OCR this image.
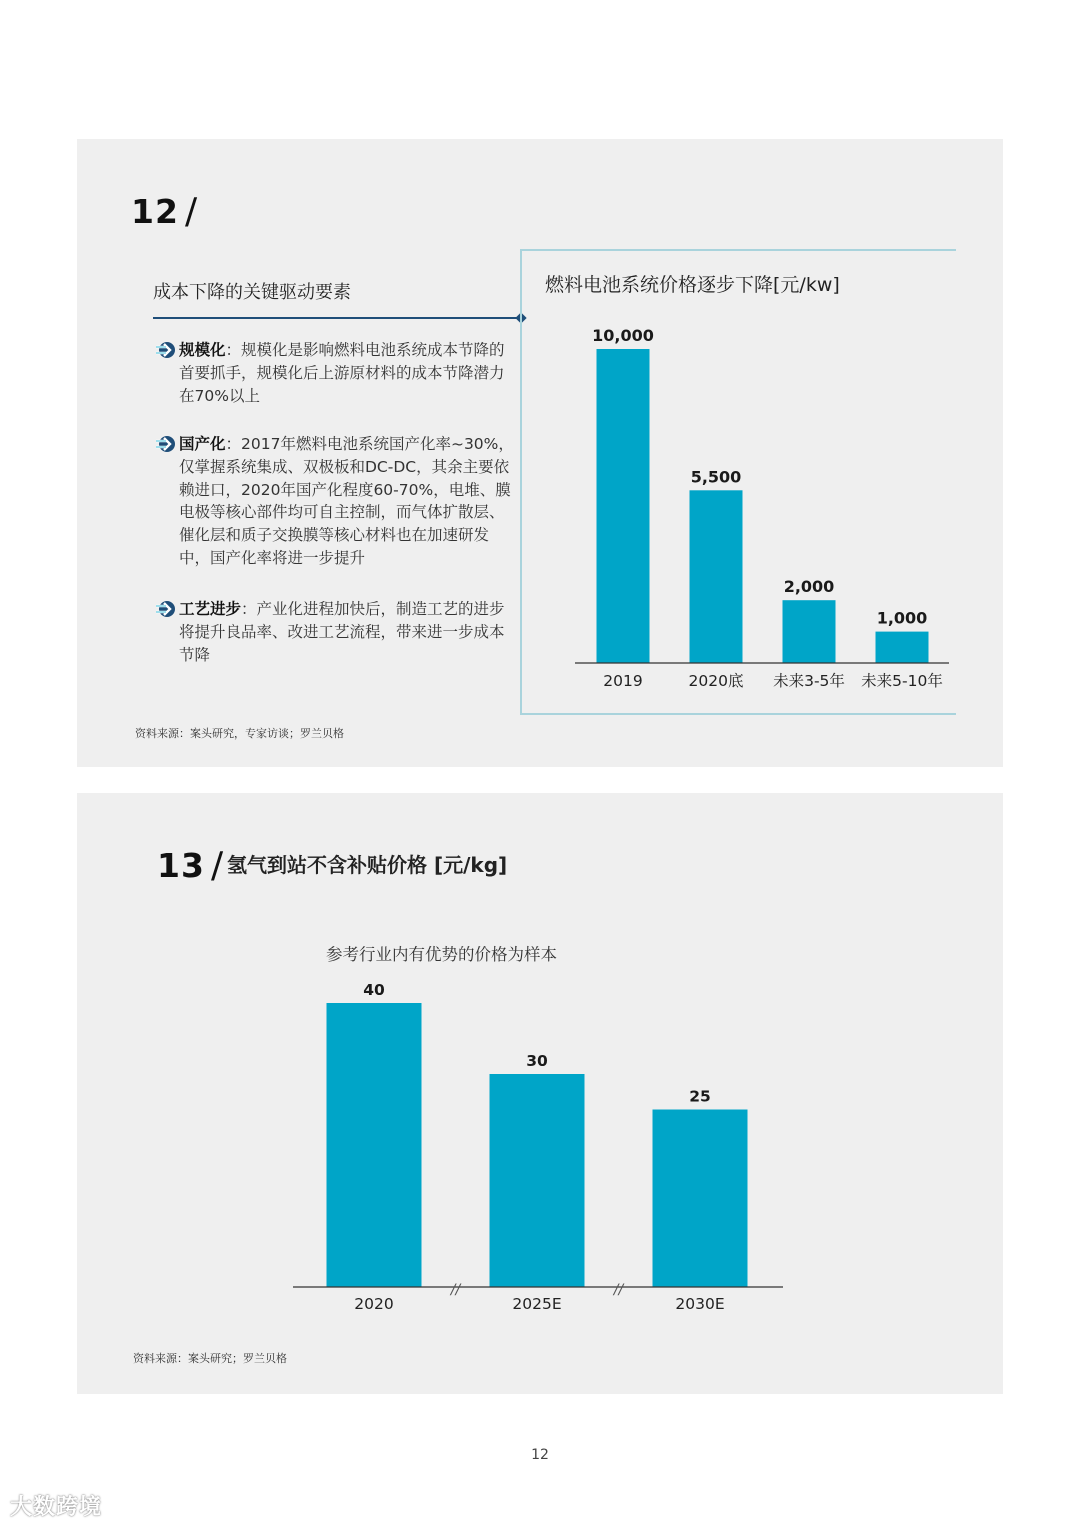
12 /
成本下降的关键驱动要素
规模化：规模化是影响燃料电池系统成本节降的首要抓手，规模化后上游原材料的成本节降潜力在70%以上
国产化：2017年燃料电池系统国产化率~30%，仅掌握系统集成、双极板和DC-DC，其余主要依赖进口，2020年国产化程度60-70%，电堆、膜电极等核心部件均可自主控制，而气体扩散层、催化层和质子交换膜等核心材料也在加速研发中，国产化率将进一步提升
工艺进步：产业化进程加快后，制造工艺的进步将提升良品率、改进工艺流程，带来进一步成本节降
资料来源：案头研究，专家访谈；罗兰贝格
燃料电池系统价格逐步下降[元/kw]
10,000
2019
5,500
2020底
2,000
未来3-5年
1,000
未来5-10年
13 / 氢气到站不含补贴价格 [元/kg]
参考行业内有优势的价格为样本
40
2020
30
2025E
25
2030E
//	//
资料来源：案头研究；罗兰贝格
12
大数跨境
